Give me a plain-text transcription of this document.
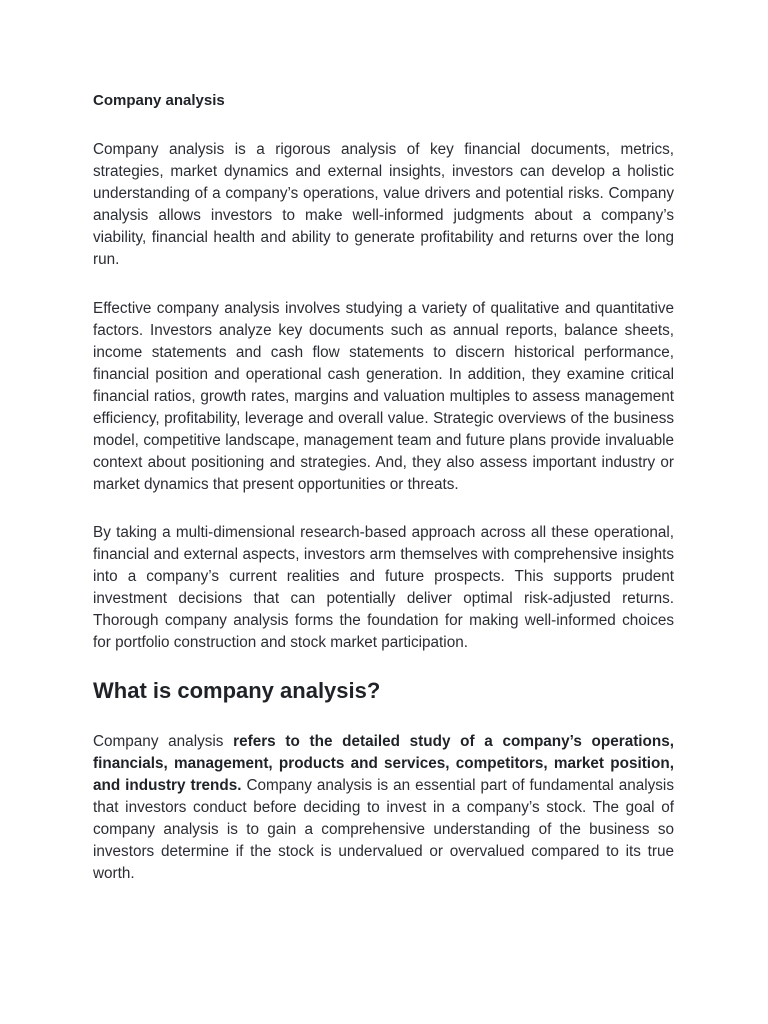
Company analysis

Company analysis is a rigorous analysis of key financial documents, metrics, strategies, market dynamics and external insights, investors can develop a holistic understanding of a company’s operations, value drivers and potential risks. Company analysis allows investors to make well-informed judgments about a company’s viability, financial health and ability to generate profitability and returns over the long run.

Effective company analysis involves studying a variety of qualitative and quantitative factors. Investors analyze key documents such as annual reports, balance sheets, income statements and cash flow statements to discern historical performance, financial position and operational cash generation. In addition, they examine critical financial ratios, growth rates, margins and valuation multiples to assess management efficiency, profitability, leverage and overall value. Strategic overviews of the business model, competitive landscape, management team and future plans provide invaluable context about positioning and strategies. And, they also assess important industry or market dynamics that present opportunities or threats.

By taking a multi-dimensional research-based approach across all these operational, financial and external aspects, investors arm themselves with comprehensive insights into a company’s current realities and future prospects. This supports prudent investment decisions that can potentially deliver optimal risk-adjusted returns. Thorough company analysis forms the foundation for making well-informed choices for portfolio construction and stock market participation.

What is company analysis?

Company analysis refers to the detailed study of a company’s operations, financials, management, products and services, competitors, market position, and industry trends. Company analysis is an essential part of fundamental analysis that investors conduct before deciding to invest in a company’s stock. The goal of company analysis is to gain a comprehensive understanding of the business so investors determine if the stock is undervalued or overvalued compared to its true worth.
